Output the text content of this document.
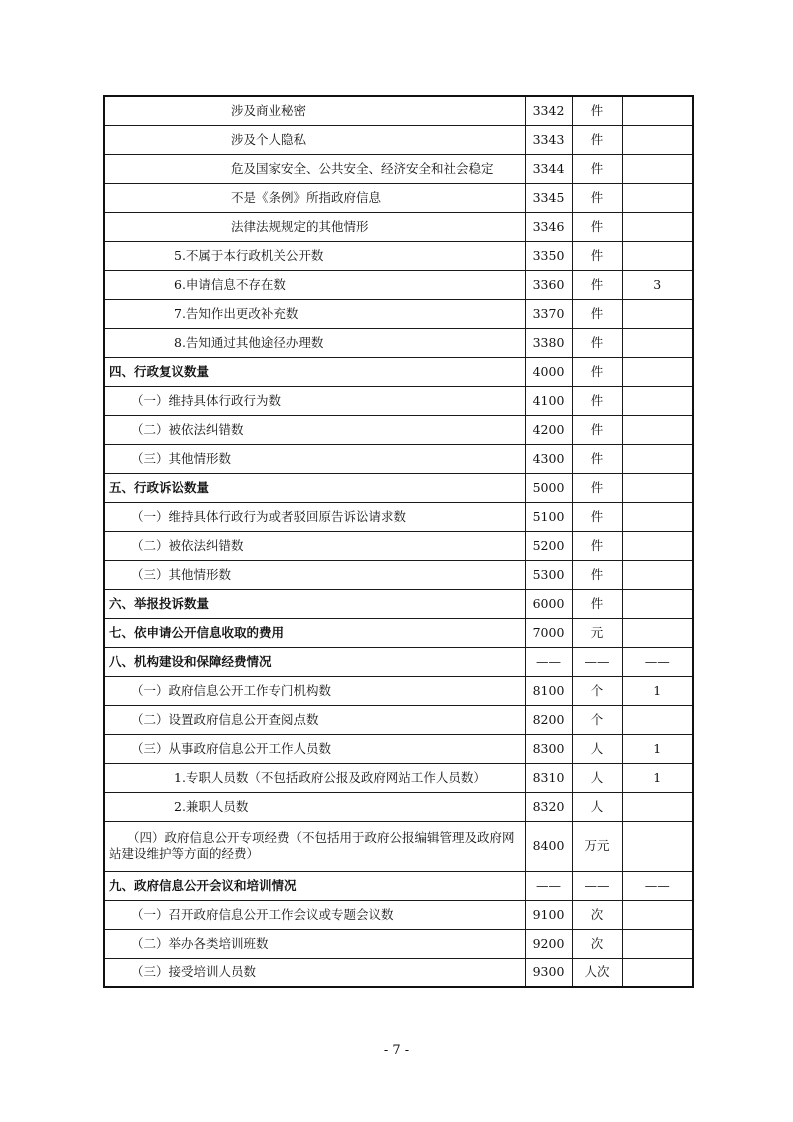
涉及商业秘密	3342	件	
涉及个人隐私	3343	件	
危及国家安全、公共安全、经济安全和社会稳定	3344	件	
不是《条例》所指政府信息	3345	件	
法律法规规定的其他情形	3346	件	
5.不属于本行政机关公开数	3350	件	
6.申请信息不存在数	3360	件	3
7.告知作出更改补充数	3370	件	
8.告知通过其他途径办理数	3380	件	
四、行政复议数量	4000	件	
（一）维持具体行政行为数	4100	件	
（二）被依法纠错数	4200	件	
（三）其他情形数	4300	件	
五、行政诉讼数量	5000	件	
（一）维持具体行政行为或者驳回原告诉讼请求数	5100	件	
（二）被依法纠错数	5200	件	
（三）其他情形数	5300	件	
六、举报投诉数量	6000	件	
七、依申请公开信息收取的费用	7000	元	
八、机构建设和保障经费情况	——	——	——
（一）政府信息公开工作专门机构数	8100	个	1
（二）设置政府信息公开查阅点数	8200	个	
（三）从事政府信息公开工作人员数	8300	人	1
1.专职人员数（不包括政府公报及政府网站工作人员数）	8310	人	1
2.兼职人员数	8320	人	

（四）政府信息公开专项经费（不包括用于政府公报编辑管理及政府网站建设维护等方面的经费）	8400	万元	
九、政府信息公开会议和培训情况	——	——	——
（一）召开政府信息公开工作会议或专题会议数	9100	次	
（二）举办各类培训班数	9200	次	
（三）接受培训人员数	9300	人次	
- 7 -
